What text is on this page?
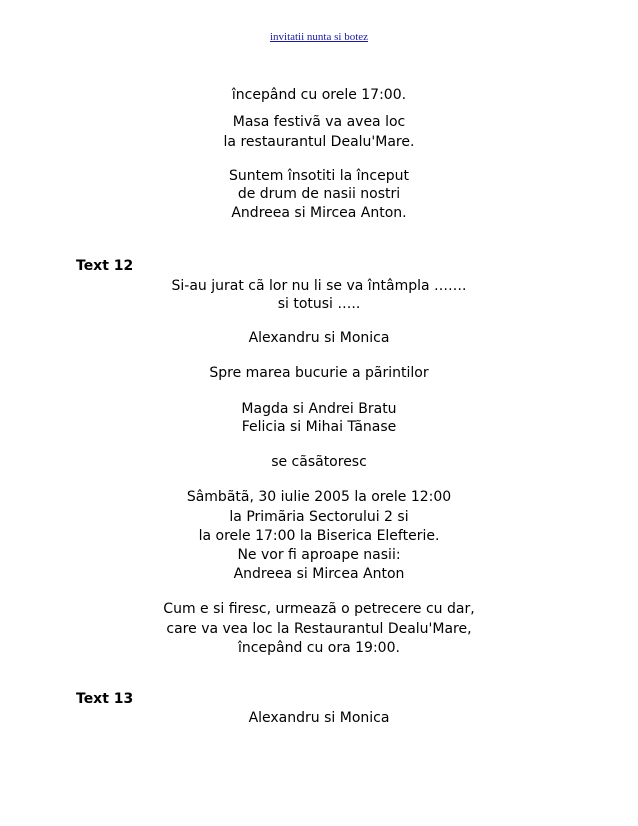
invitatii nunta si botez
începând cu orele 17:00.
Masa festivã va avea loc
la restaurantul Dealu'Mare.
Suntem însotiti la început
de drum de nasii nostri
Andreea si Mircea Anton.
Text 12
Si-au jurat cã lor nu li se va întâmpla …….
si totusi …..
Alexandru si Monica
Spre marea bucurie a pãrintilor
Magda si Andrei Bratu
Felicia si Mihai Tãnase
se cãsãtoresc
Sâmbãtã, 30 iulie 2005 la orele 12:00
la Primãria Sectorului 2 si
la orele 17:00 la Biserica Elefterie.
Ne vor fi aproape nasii:
Andreea si Mircea Anton
Cum e si firesc, urmeazã o petrecere cu dar,
care va vea loc la Restaurantul Dealu'Mare,
începând cu ora 19:00.
Text 13
Alexandru si Monica
